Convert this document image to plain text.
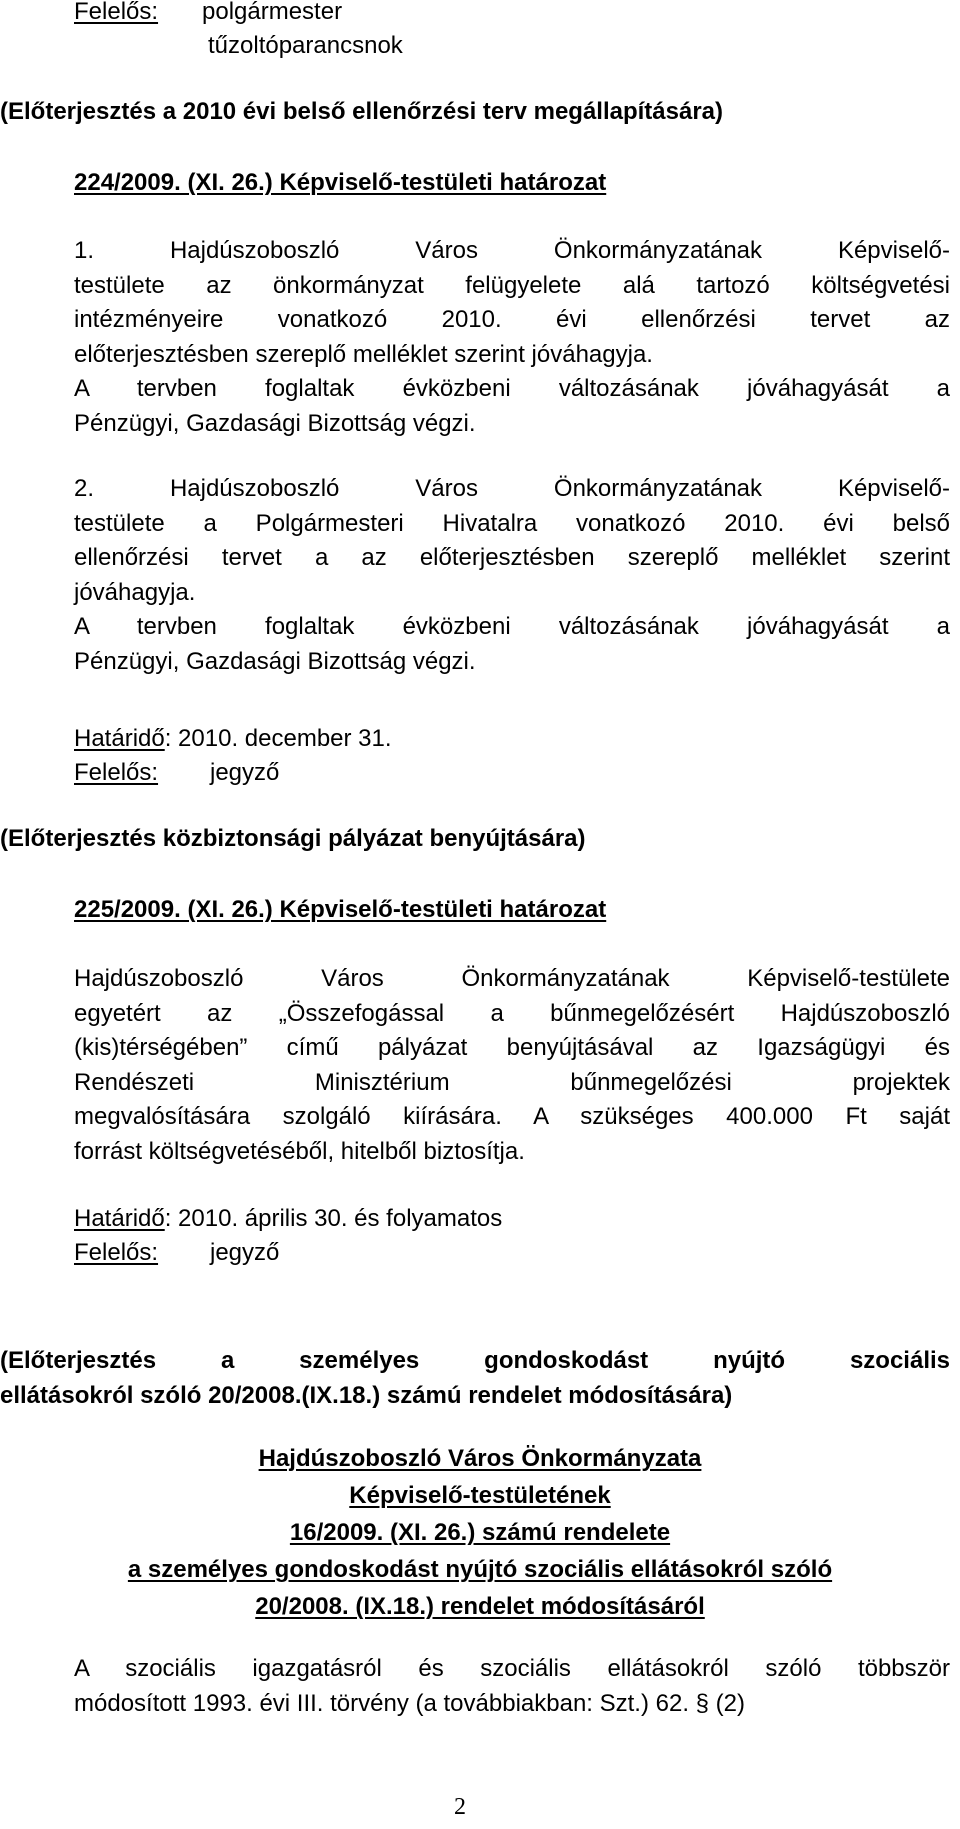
Felelős: polgármester
tűzoltóparancsnok
(Előterjesztés a 2010 évi belső ellenőrzési terv megállapítására)
224/2009. (XI. 26.) Képviselő-testületi határozat
1. Hajdúszoboszló Város Önkormányzatának Képviselő-
testülete az önkormányzat felügyelete alá tartozó költségvetési
intézményeire vonatkozó 2010. évi ellenőrzési tervet az
előterjesztésben szereplő melléklet szerint jóváhagyja.
A tervben foglaltak évközbeni változásának jóváhagyását a
Pénzügyi, Gazdasági Bizottság végzi.
2. Hajdúszoboszló Város Önkormányzatának Képviselő-
testülete a Polgármesteri Hivatalra vonatkozó 2010. évi belső
ellenőrzési tervet a az előterjesztésben szereplő melléklet szerint
jóváhagyja.
A tervben foglaltak évközbeni változásának jóváhagyását a
Pénzügyi, Gazdasági Bizottság végzi.
Határidő: 2010. december 31.
Felelős: jegyző
(Előterjesztés közbiztonsági pályázat benyújtására)
225/2009. (XI. 26.) Képviselő-testületi határozat
Hajdúszoboszló Város Önkormányzatának Képviselő-testülete
egyetért az „Összefogással a bűnmegelőzésért Hajdúszoboszló
(kis)térségében” című pályázat benyújtásával az Igazságügyi és
Rendészeti Minisztérium bűnmegelőzési projektek
megvalósítására szolgáló kiírására. A szükséges 400.000 Ft saját
forrást költségvetéséből, hitelből biztosítja.
Határidő: 2010. április 30. és folyamatos
Felelős: jegyző
(Előterjesztés a személyes gondoskodást nyújtó szociális
ellátásokról szóló 20/2008.(IX.18.) számú rendelet módosítására)
Hajdúszoboszló Város Önkormányzata
Képviselő-testületének
16/2009. (XI. 26.) számú rendelete
a személyes gondoskodást nyújtó szociális ellátásokról szóló
20/2008. (IX.18.) rendelet módosításáról
A szociális igazgatásról és szociális ellátásokról szóló többször
módosított 1993. évi III. törvény (a továbbiakban: Szt.) 62. § (2)
2
